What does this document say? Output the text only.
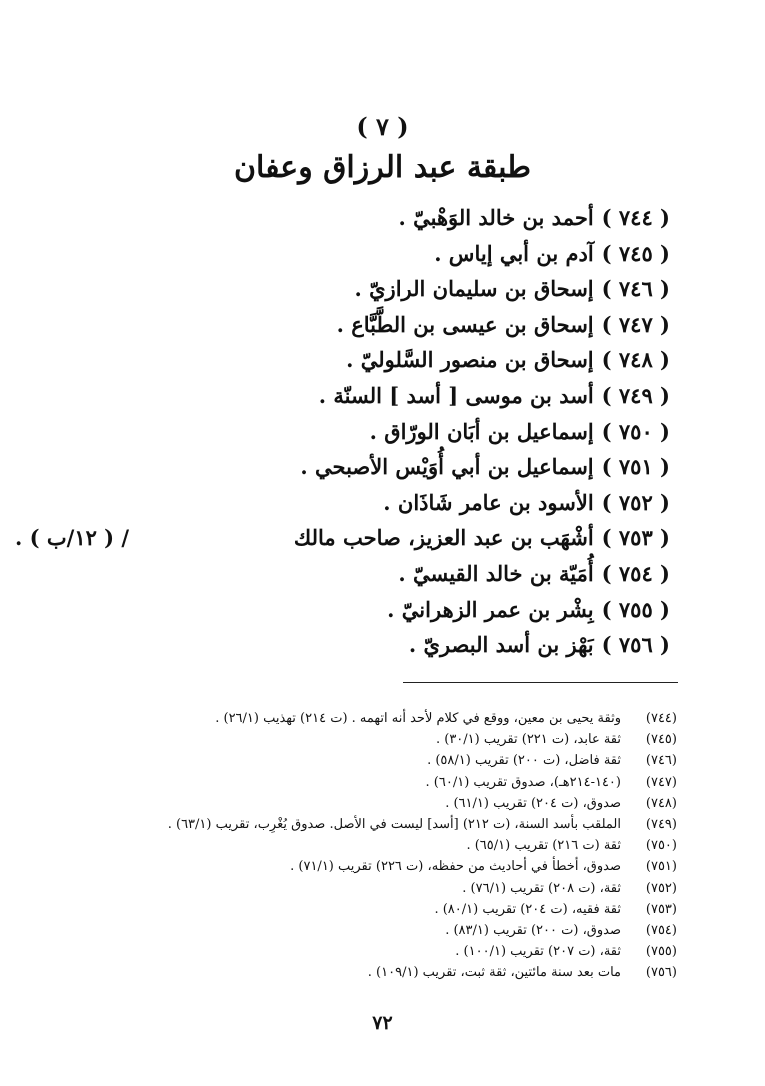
( ٧ )
طبقة عبد الرزاق وعفان
( ٧٤٤ )أحمد بن خالد الوَهْبيّ .
( ٧٤٥ )آدم بن أبي إياس .
( ٧٤٦ )إسحاق بن سليمان الرازيّ .
( ٧٤٧ )إسحاق بن عيسى بن الطَّبَّاع .
( ٧٤٨ )إسحاق بن منصور السَّلوليّ .
( ٧٤٩ )أسد بن موسى [ أسد ] السنّة .
( ٧٥٠ )إسماعيل بن أبَان الورّاق .
( ٧٥١ )إسماعيل بن أبي أُوَيْس الأصبحي .
( ٧٥٢ )الأسود بن عامر شَاذَان .
( ٧٥٣ )أشْهَب بن عبد العزيز، صاحب مالك
/ ( ١٢/ب ) .
( ٧٥٤ )أُمَيّة بن خالد القيسيّ .
( ٧٥٥ )بِشْر بن عمر الزهرانيّ .
( ٧٥٦ )بَهْز بن أسد البصريّ .
(٧٤٤)وثقة يحيى بن معين، ووقع في كلام لأحد أنه اتهمه . (ت ٢١٤) تهذيب (٢٦/١) .
(٧٤٥)ثقة عابد، (ت ٢٢١) تقريب (٣٠/١) .
(٧٤٦)ثقة فاضل، (ت ٢٠٠) تقريب (٥٨/١) .
(٧٤٧)(١٤٠-٢١٤هـ)، صدوق تقريب (٦٠/١) .
(٧٤٨)صدوق، (ت ٢٠٤) تقريب (٦١/١) .
(٧٤٩)الملقب بأسد السنة، (ت ٢١٢) [أسد] ليست في الأصل. صدوق يُغْرِب، تقريب (٦٣/١) .
(٧٥٠)ثقة (ت ٢١٦) تقريب (٦٥/١) .
(٧٥١)صدوق، أخطأ في أحاديث من حفظه، (ت ٢٢٦) تقريب (٧١/١) .
(٧٥٢)ثقة، (ت ٢٠٨) تقريب (٧٦/١) .
(٧٥٣)ثقة فقيه، (ت ٢٠٤) تقريب (٨٠/١) .
(٧٥٤)صدوق، (ت ٢٠٠) تقريب (٨٣/١) .
(٧٥٥)ثقة، (ت ٢٠٧) تقريب (١٠٠/١) .
(٧٥٦)مات بعد سنة مائتين، ثقة ثبت، تقريب (١٠٩/١) .
٧٢
